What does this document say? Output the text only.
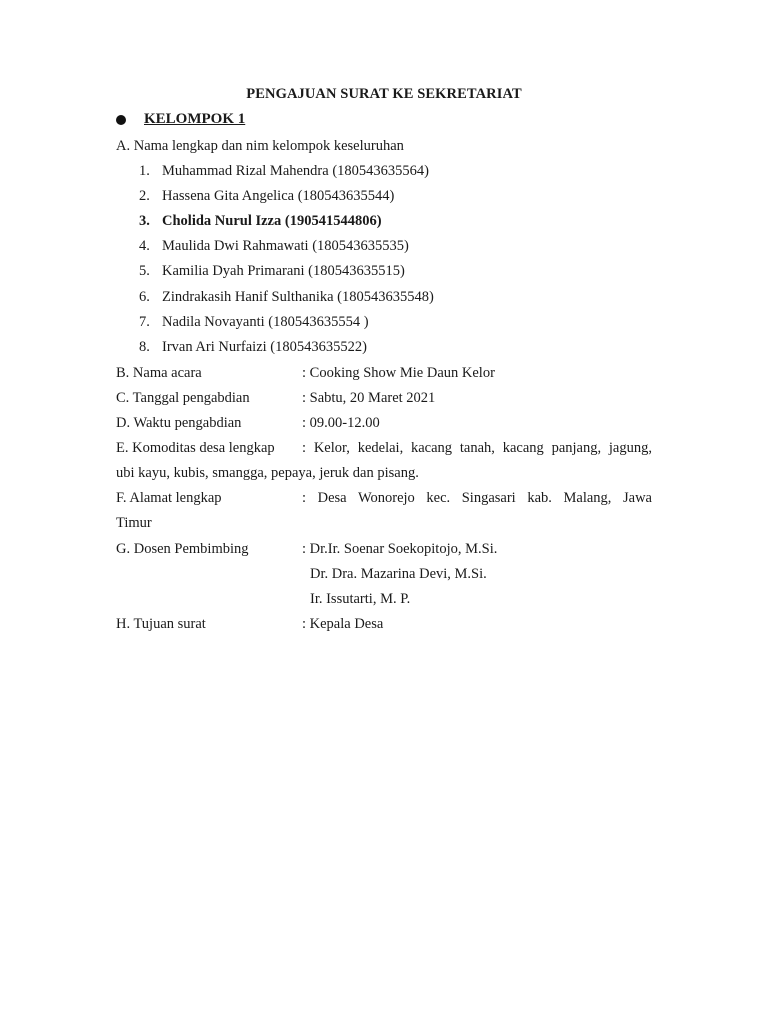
PENGAJUAN SURAT KE SEKRETARIAT
KELOMPOK 1
A. Nama lengkap dan nim kelompok keseluruhan
1. Muhammad Rizal Mahendra (180543635564)
2. Hassena Gita Angelica (180543635544)
3. Cholida Nurul Izza (190541544806)
4. Maulida Dwi Rahmawati (180543635535)
5. Kamilia Dyah Primarani (180543635515)
6. Zindrakasih Hanif Sulthanika (180543635548)
7. Nadila Novayanti (180543635554 )
8. Irvan Ari Nurfaizi (180543635522)
B. Nama acara	: Cooking Show Mie Daun Kelor
C. Tanggal pengabdian	: Sabtu, 20 Maret 2021
D. Waktu pengabdian	: 09.00-12.00
E. Komoditas desa lengkap : Kelor, kedelai, kacang tanah, kacang panjang, jagung,
ubi kayu, kubis, smangga, pepaya, jeruk dan pisang.
F. Alamat lengkap	: Desa Wonorejo kec. Singasari kab. Malang, Jawa
Timur
G. Dosen Pembimbing	: Dr.Ir. Soenar Soekopitojo, M.Si.
Dr. Dra. Mazarina Devi, M.Si.
Ir. Issutarti, M. P.
H. Tujuan surat	: Kepala Desa
